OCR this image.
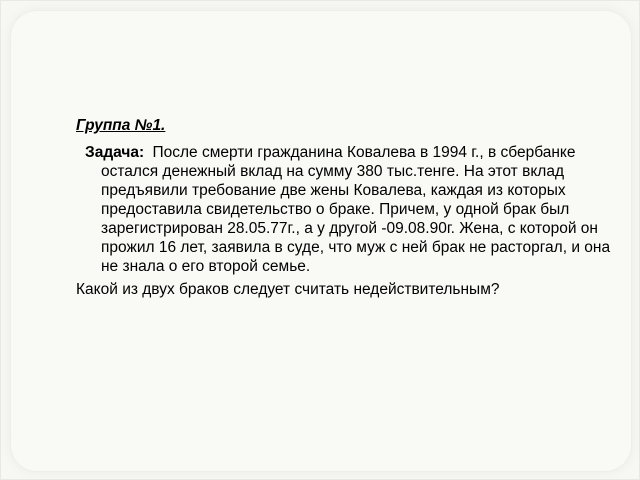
Группа №1.
Задача: После смерти гражданина Ковалева в 1994 г., в сбербанке остался денежный вклад на сумму 380 тыс.тенге. На этот вклад предъявили требование две жены Ковалева, каждая из которых предоставила свидетельство о браке. Причем, у одной брак был зарегистрирован 28.05.77г., а у другой -09.08.90г. Жена, с которой он прожил 16 лет, заявила в суде, что муж с ней брак не расторгал, и она не знала о его второй семье.

Какой из двух браков следует считать недействительным?
